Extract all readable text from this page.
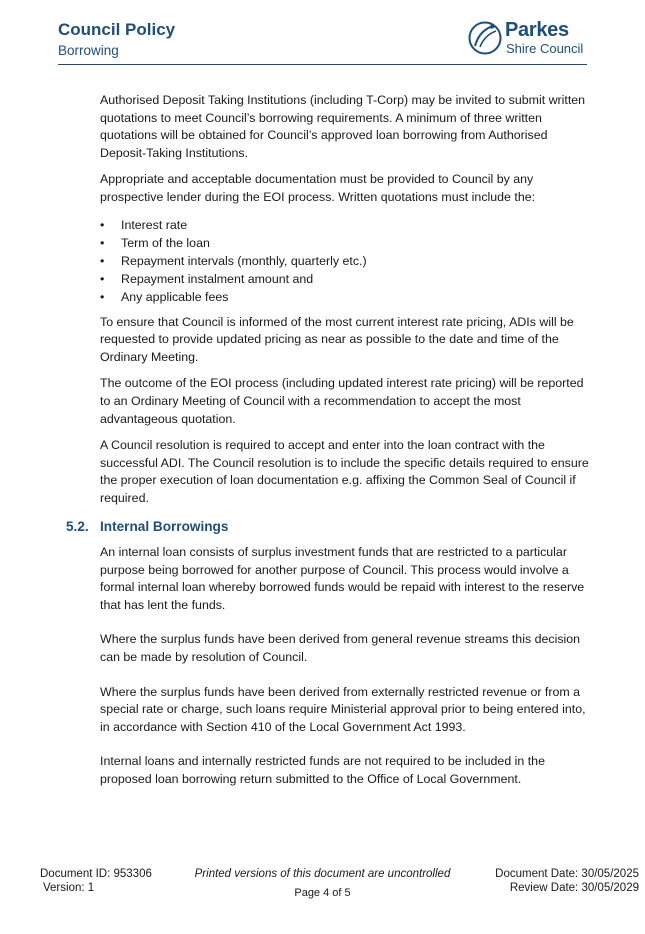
Council Policy
Borrowing
Parkes
Shire Council

Authorised Deposit Taking Institutions (including T-Corp) may be invited to submit written quotations to meet Council’s borrowing requirements. A minimum of three written quotations will be obtained for Council’s approved loan borrowing from Authorised Deposit-Taking Institutions.

Appropriate and acceptable documentation must be provided to Council by any prospective lender during the EOI process. Written quotations must include the:

• Interest rate
• Term of the loan
• Repayment intervals (monthly, quarterly etc.)
• Repayment instalment amount and
• Any applicable fees

To ensure that Council is informed of the most current interest rate pricing, ADIs will be requested to provide updated pricing as near as possible to the date and time of the Ordinary Meeting.

The outcome of the EOI process (including updated interest rate pricing) will be reported to an Ordinary Meeting of Council with a recommendation to accept the most advantageous quotation.

A Council resolution is required to accept and enter into the loan contract with the successful ADI. The Council resolution is to include the specific details required to ensure the proper execution of loan documentation e.g. affixing the Common Seal of Council if required.

5.2. Internal Borrowings

An internal loan consists of surplus investment funds that are restricted to a particular purpose being borrowed for another purpose of Council. This process would involve a formal internal loan whereby borrowed funds would be repaid with interest to the reserve that has lent the funds.

Where the surplus funds have been derived from general revenue streams this decision can be made by resolution of Council.

Where the surplus funds have been derived from externally restricted revenue or from a special rate or charge, such loans require Ministerial approval prior to being entered into, in accordance with Section 410 of the Local Government Act 1993.

Internal loans and internally restricted funds are not required to be included in the proposed loan borrowing return submitted to the Office of Local Government.

Document ID: 953306
Version: 1
Printed versions of this document are uncontrolled
Page 4 of 5
Document Date: 30/05/2025
Review Date: 30/05/2029
